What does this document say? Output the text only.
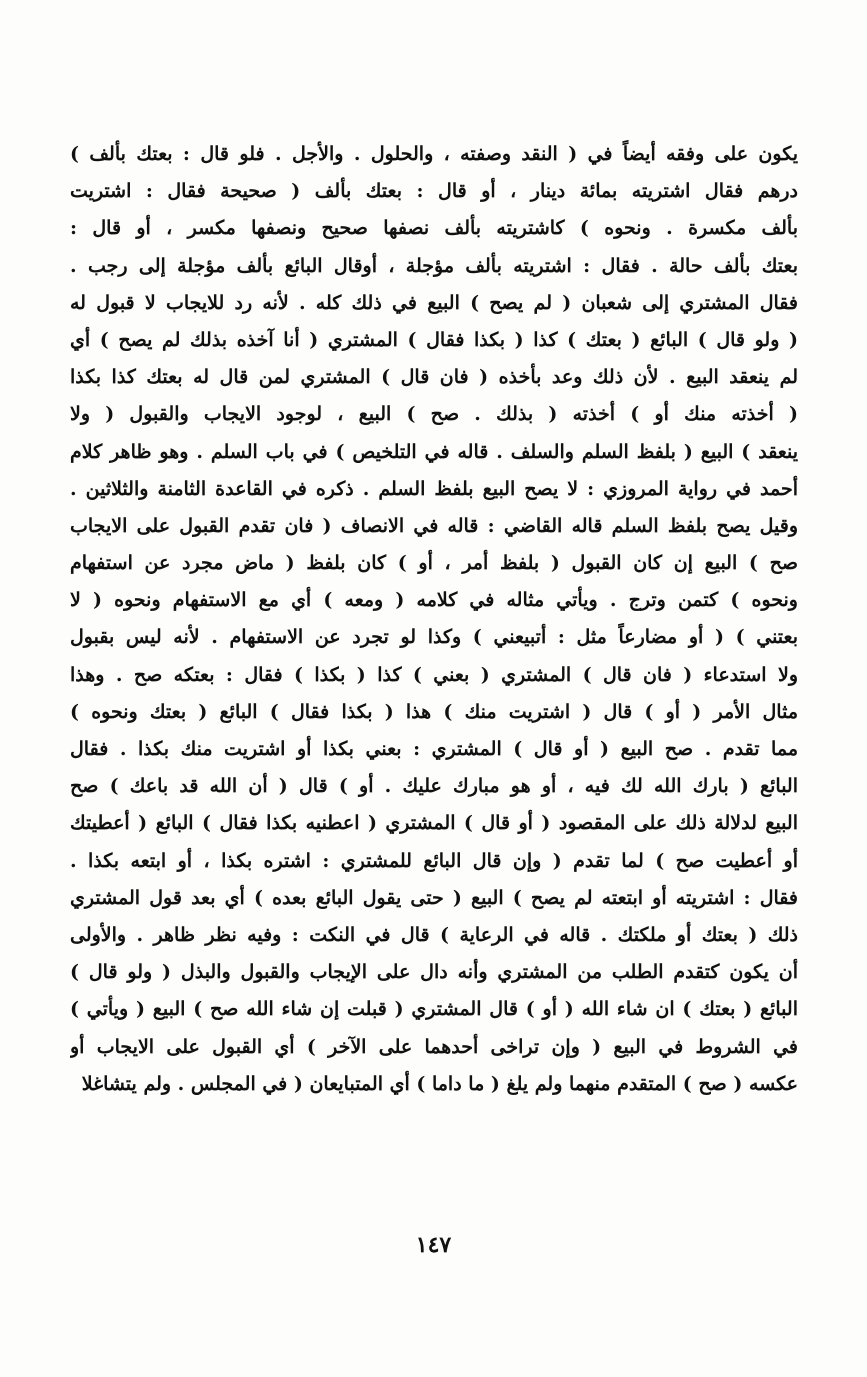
يكون على وفقه أيضاً في ( النقد وصفته ، والحلول . والأجل . فلو قال : بعتك بألف )
درهم فقال اشتريته بمائة دينار ، أو قال : بعتك بألف ( صحيحة فقال : اشتريت
بألف مكسرة . ونحوه ) كاشتريته بألف نصفها صحيح ونصفها مكسر ، أو قال :
بعتك بألف حالة . فقال : اشتريته بألف مؤجلة ، أوقال البائع بألف مؤجلة إلى رجب .
فقال المشتري إلى شعبان ( لم يصح ) البيع في ذلك كله . لأنه رد للايجاب لا قبول له
( ولو قال ) البائع ( بعتك ) كذا ( بكذا فقال ) المشتري ( أنا آخذه بذلك لم يصح ) أي
لم ينعقد البيع . لأن ذلك وعد بأخذه ( فان قال ) المشتري لمن قال له بعتك كذا بكذا
( أخذته منك أو ) أخذته ( بذلك . صح ) البيع ، لوجود الايجاب والقبول ( ولا
ينعقد ) البيع ( بلفظ السلم والسلف . قاله في التلخيص ) في باب السلم . وهو ظاهر كلام
أحمد في رواية المروزي : لا يصح البيع بلفظ السلم . ذكره في القاعدة الثامنة والثلاثين .
وقيل يصح بلفظ السلم قاله القاضي : قاله في الانصاف ( فان تقدم القبول على الايجاب
صح ) البيع إن كان القبول ( بلفظ أمر ، أو ) كان بلفظ ( ماض مجرد عن استفهام
ونحوه ) كتمن وترج . ويأتي مثاله في كلامه ( ومعه ) أي مع الاستفهام ونحوه ( لا
بعتني ) ( أو مضارعاً مثل : أتبيعني ) وكذا لو تجرد عن الاستفهام . لأنه ليس بقبول
ولا استدعاء ( فان قال ) المشتري ( بعني ) كذا ( بكذا ) فقال : بعتكه صح . وهذا
مثال الأمر ( أو ) قال ( اشتريت منك ) هذا ( بكذا فقال ) البائع ( بعتك ونحوه )
مما تقدم . صح البيع ( أو قال ) المشتري : بعني بكذا أو اشتريت منك بكذا . فقال
البائع ( بارك الله لك فيه ، أو هو مبارك عليك . أو ) قال ( أن الله قد باعك ) صح
البيع لدلالة ذلك على المقصود ( أو قال ) المشتري ( اعطنيه بكذا فقال ) البائع ( أعطيتك
أو أعطيت صح ) لما تقدم ( وإن قال البائع للمشتري : اشتره بكذا ، أو ابتعه بكذا .
فقال : اشتريته أو ابتعته لم يصح ) البيع ( حتى يقول البائع بعده ) أي بعد قول المشتري
ذلك ( بعتك أو ملكتك . قاله في الرعاية ) قال في النكت : وفيه نظر ظاهر . والأولى
أن يكون كتقدم الطلب من المشتري وأنه دال على الإيجاب والقبول والبذل ( ولو قال )
البائع ( بعتك ) ان شاء الله ( أو ) قال المشتري ( قبلت إن شاء الله صح ) البيع ( ويأتي )
في الشروط في البيع ( وإن تراخى أحدهما على الآخر ) أي القبول على الايجاب أو
عكسه ( صح ) المتقدم منهما ولم يلغ ( ما داما ) أي المتبايعان ( في المجلس . ولم يتشاغلا
١٤٧
